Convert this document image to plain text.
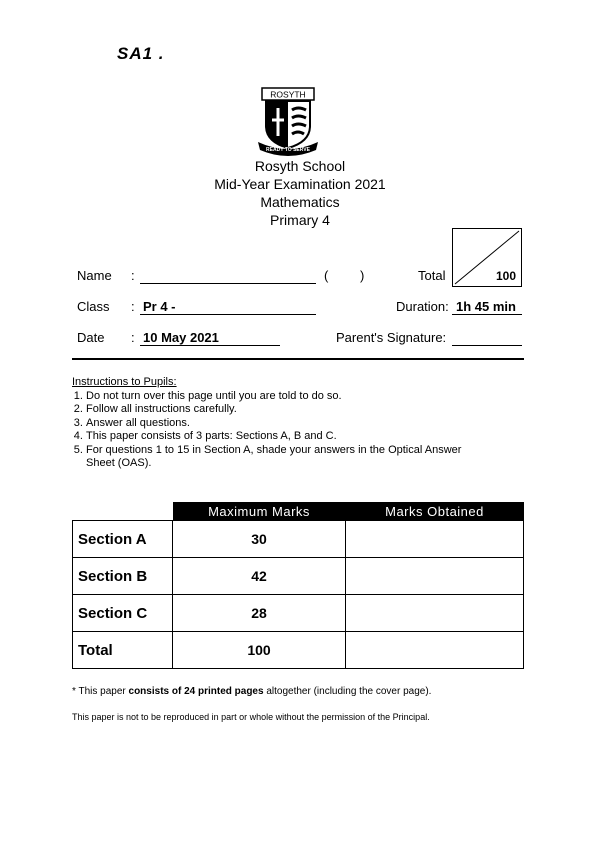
SA1 .
ROSYTH
READY TO SERVE
Rosyth School
Mid-Year Examination 2021
Mathematics
Primary 4
Name :	( )	Total	100
Class : Pr 4 -	Duration: 1h 45 min
Date : 10 May 2021	Parent's Signature:
Instructions to Pupils:
1. Do not turn over this page until you are told to do so.
2. Follow all instructions carefully.
3. Answer all questions.
4. This paper consists of 3 parts: Sections A, B and C.
5. For questions 1 to 15 in Section A, shade your answers in the Optical Answer Sheet (OAS).
	Maximum Marks	Marks Obtained
Section A	30	
Section B	42	
Section C	28	
Total	100	
* This paper consists of 24 printed pages altogether (including the cover page).
This paper is not to be reproduced in part or whole without the permission of the Principal.
